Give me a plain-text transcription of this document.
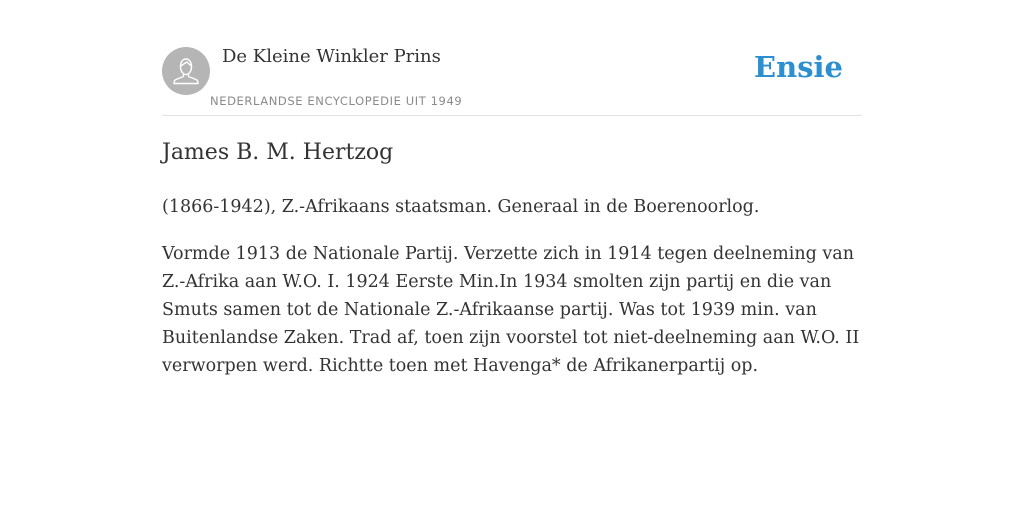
De Kleine Winkler Prins
NEDERLANDSE ENCYCLOPEDIE UIT 1949
Ensie
James B. M. Hertzog

(1866-1942), Z.-Afrikaans staatsman. Generaal in de Boerenoorlog.

Vormde 1913 de Nationale Partij. Verzette zich in 1914 tegen deelneming van Z.-Afrika aan W.O. I. 1924 Eerste Min.In 1934 smolten zijn partij en die van Smuts samen tot de Nationale Z.-Afrikaanse partij. Was tot 1939 min. van Buitenlandse Zaken. Trad af, toen zijn voorstel tot niet-deelneming aan W.O. II verworpen werd. Richtte toen met Havenga* de Afrikanerpartij op.
